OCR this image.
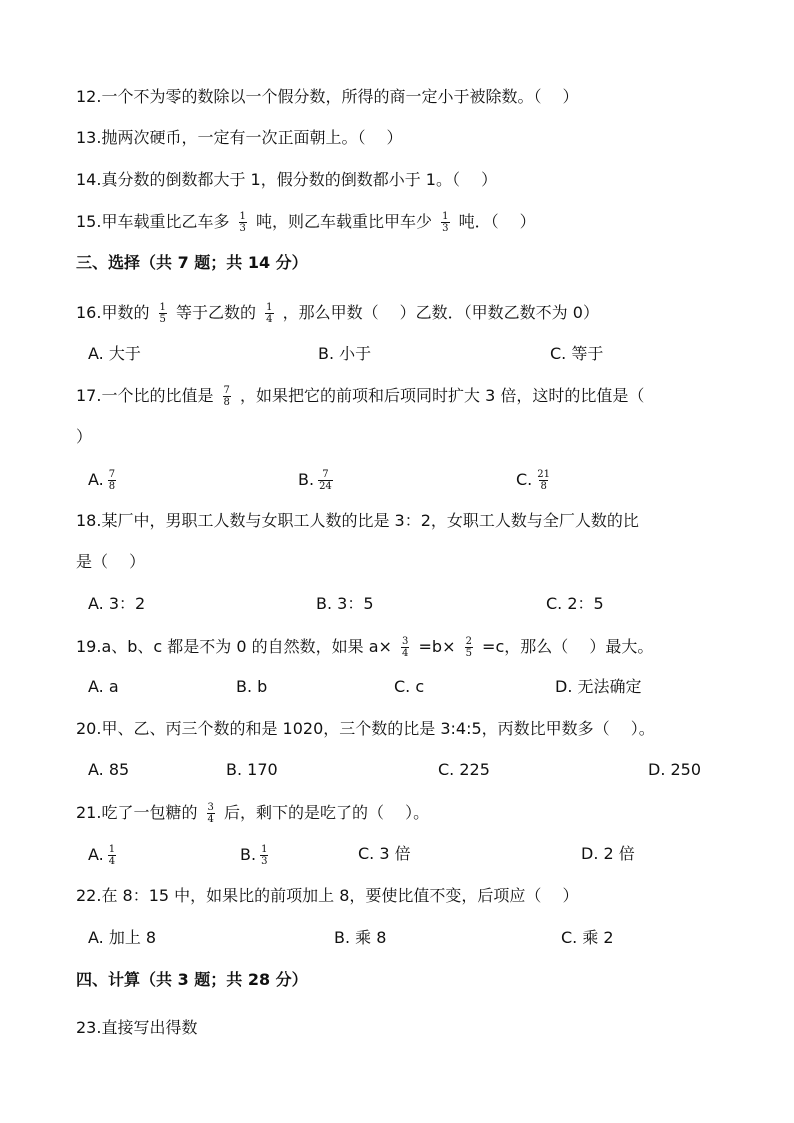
12.一个不为零的数除以一个假分数，所得的商一定小于被除数。（　 ）
13.抛两次硬币，一定有一次正面朝上。（　 ）
14.真分数的倒数都大于 1，假分数的倒数都小于 1。（　 ）
15.甲车载重比乙车多 $\frac{1}{3}$ 吨，则乙车载重比甲车少 $\frac{1}{3}$ 吨．（　 ）
三、选择（共 7 题；共 14 分）
16.甲数的 $\frac{1}{5}$ 等于乙数的 $\frac{1}{4}$ ，那么甲数（　 ）乙数．（甲数乙数不为 0）
A. 大于	B. 小于	C. 等于
17.一个比的比值是 $\frac{7}{8}$ ，如果把它的前项和后项同时扩大 3 倍，这时的比值是（
）
A. $\frac{7}{8}$	B. $\frac{7}{24}$	C. $\frac{21}{8}$
18.某厂中，男职工人数与女职工人数的比是 3：2，女职工人数与全厂人数的比
是（　 ）
A. 3：2	B. 3：5	C. 2：5
19.a、b、c 都是不为 0 的自然数，如果 $a\times \frac{3}{4} =b\times \frac{2}{5} =c$，那么（　 ）最大。
A. a	B. b	C. c	D. 无法确定
20.甲、乙、丙三个数的和是 1020，三个数的比是 3:4:5，丙数比甲数多（　 ）。
A. 85	B. 170	C. 225	D. 250
21.吃了一包糖的 $\frac{3}{4}$ 后，剩下的是吃了的（　 ）。
A. $\frac{1}{4}$	B. $\frac{1}{3}$	C. 3 倍	D. 2 倍
22.在 8：15 中，如果比的前项加上 8，要使比值不变，后项应（　 ）
A. 加上 8	B. 乘 8	C. 乘 2
四、计算（共 3 题；共 28 分）
23.直接写出得数
